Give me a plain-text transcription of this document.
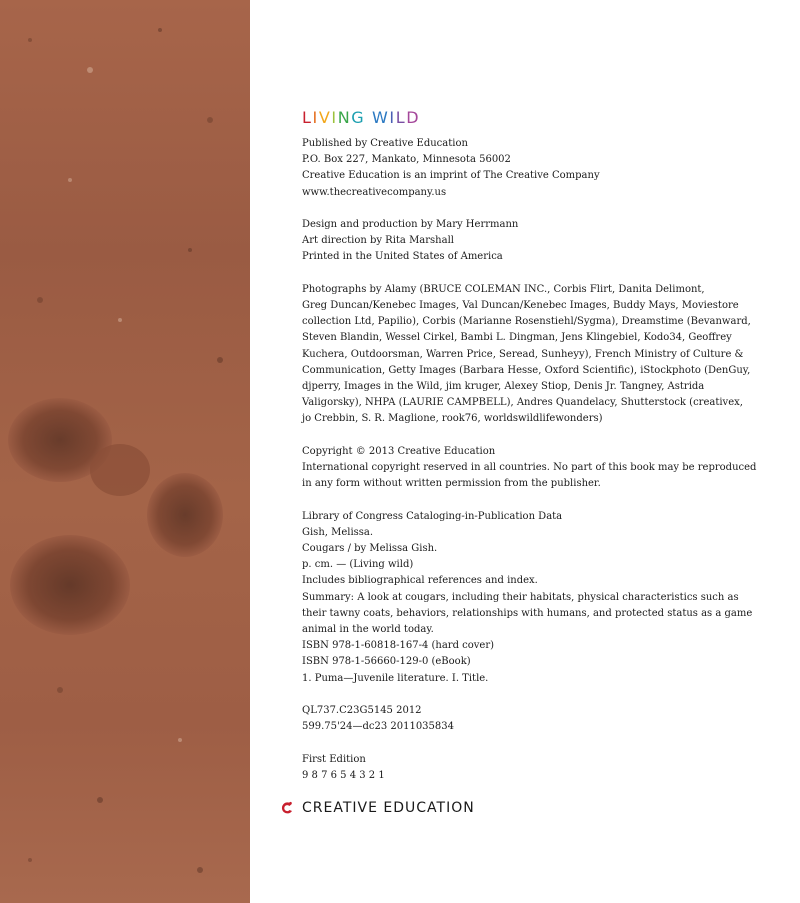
LIVING WILD
Published by Creative Education
P.O. Box 227, Mankato, Minnesota 56002
Creative Education is an imprint of The Creative Company
www.thecreativecompany.us
Design and production by Mary Herrmann
Art direction by Rita Marshall
Printed in the United States of America
Photographs by Alamy (BRUCE COLEMAN INC., Corbis Flirt, Danita Delimont,
Greg Duncan/Kenebec Images, Val Duncan/Kenebec Images, Buddy Mays, Moviestore
collection Ltd, Papilio), Corbis (Marianne Rosenstiehl/Sygma), Dreamstime (Bevanward,
Steven Blandin, Wessel Cirkel, Bambi L. Dingman, Jens Klingebiel, Kodo34, Geoffrey
Kuchera, Outdoorsman, Warren Price, Seread, Sunheyy), French Ministry of Culture &
Communication, Getty Images (Barbara Hesse, Oxford Scientific), iStockphoto (DenGuy,
djperry, Images in the Wild, jim kruger, Alexey Stiop, Denis Jr. Tangney, Astrida
Valigorsky), NHPA (LAURIE CAMPBELL), Andres Quandelacy, Shutterstock (creativex,
jo Crebbin, S. R. Maglione, rook76, worldswildlifewonders)
Copyright © 2013 Creative Education
International copyright reserved in all countries. No part of this book may be reproduced
in any form without written permission from the publisher.
Library of Congress Cataloging-in-Publication Data
Gish, Melissa.
Cougars / by Melissa Gish.
p. cm. — (Living wild)
Includes bibliographical references and index.
Summary: A look at cougars, including their habitats, physical characteristics such as
their tawny coats, behaviors, relationships with humans, and protected status as a game
animal in the world today.
ISBN 978-1-60818-167-4 (hard cover)
ISBN 978-1-56660-129-0 (eBook)
1. Puma—Juvenile literature. I. Title.
QL737.C23G5145 2012
599.75'24—dc23 2011035834
First Edition
9 8 7 6 5 4 3 2 1
CREATIVE EDUCATION
